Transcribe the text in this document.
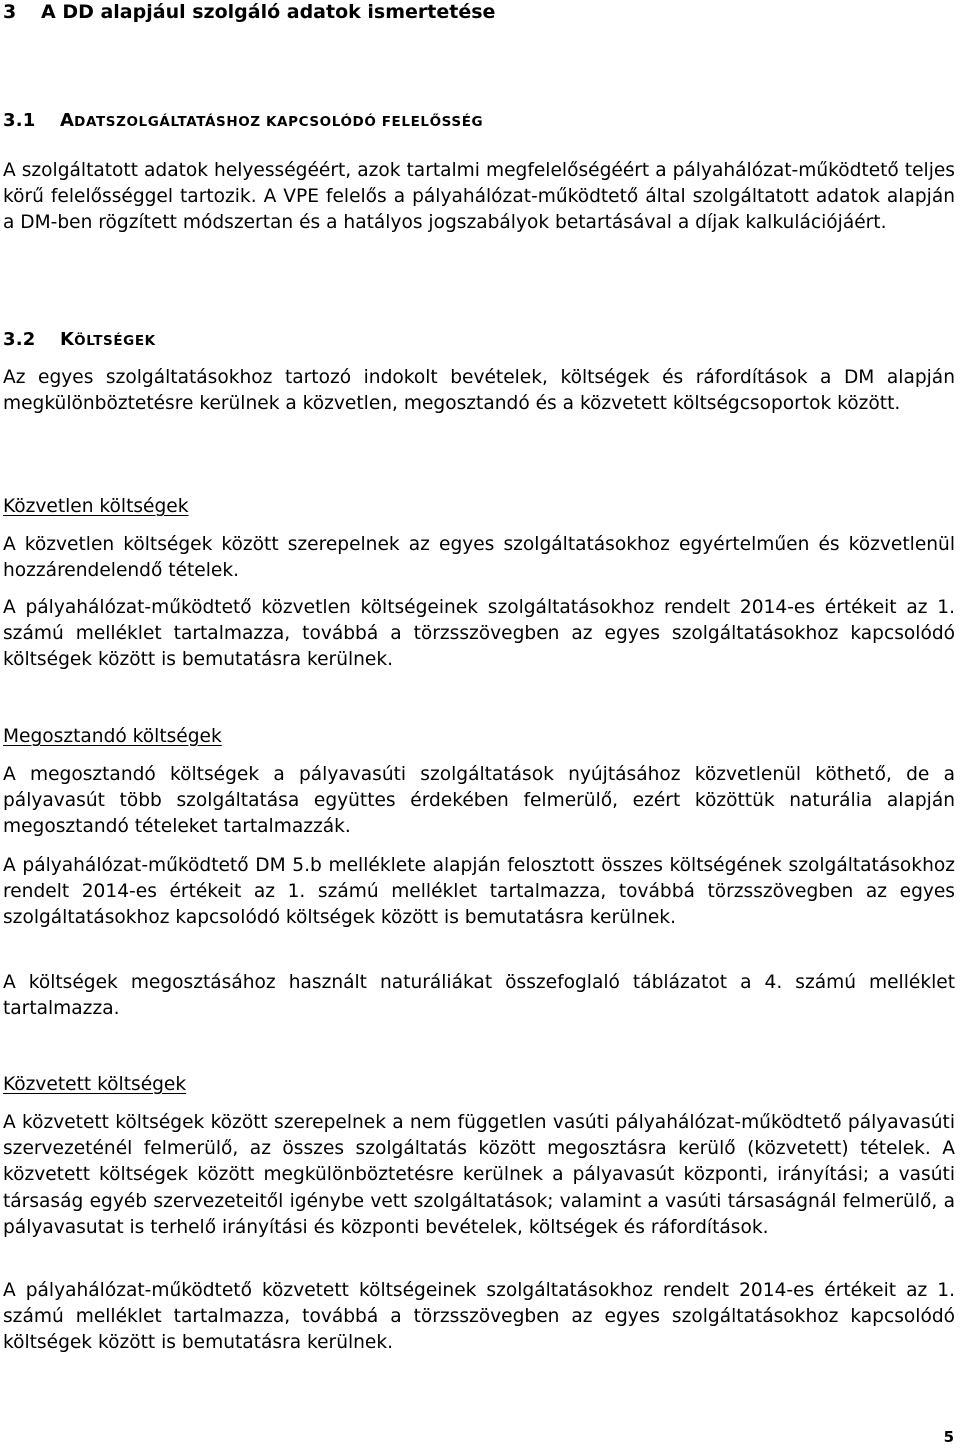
3 A DD alapjául szolgáló adatok ismertetése
3.1 ADATSZOLGÁLTATÁSHOZ KAPCSOLÓDÓ FELELŐSSÉG

A szolgáltatott adatok helyességéért, azok tartalmi megfelelőségéért a pályahálózat-működtető teljes körű felelősséggel tartozik. A VPE felelős a pályahálózat-működtető által szolgáltatott adatok alapján a DM-ben rögzített módszertan és a hatályos jogszabályok betartásával a díjak kalkulációjáért.

3.2 KÖLTSÉGEK

Az egyes szolgáltatásokhoz tartozó indokolt bevételek, költségek és ráfordítások a DM alapján megkülönböztetésre kerülnek a közvetlen, megosztandó és a közvetett költségcsoportok között.

Közvetlen költségek

A közvetlen költségek között szerepelnek az egyes szolgáltatásokhoz egyértelműen és közvetlenül hozzárendelendő tételek.

A pályahálózat-működtető közvetlen költségeinek szolgáltatásokhoz rendelt 2014-es értékeit az 1. számú melléklet tartalmazza, továbbá a törzsszövegben az egyes szolgáltatásokhoz kapcsolódó költségek között is bemutatásra kerülnek.

Megosztandó költségek

A megosztandó költségek a pályavasúti szolgáltatások nyújtásához közvetlenül köthető, de a pályavasút több szolgáltatása együttes érdekében felmerülő, ezért közöttük naturália alapján megosztandó tételeket tartalmazzák.

A pályahálózat-működtető DM 5.b melléklete alapján felosztott összes költségének szolgáltatásokhoz rendelt 2014-es értékeit az 1. számú melléklet tartalmazza, továbbá törzsszövegben az egyes szolgáltatásokhoz kapcsolódó költségek között is bemutatásra kerülnek.

A költségek megosztásához használt naturáliákat összefoglaló táblázatot a 4. számú melléklet tartalmazza.

Közvetett költségek

A közvetett költségek között szerepelnek a nem független vasúti pályahálózat-működtető pályavasúti szervezeténél felmerülő, az összes szolgáltatás között megosztásra kerülő (közvetett) tételek. A közvetett költségek között megkülönböztetésre kerülnek a pályavasút központi, irányítási; a vasúti társaság egyéb szervezeteitől igénybe vett szolgáltatások; valamint a vasúti társaságnál felmerülő, a pályavasutat is terhelő irányítási és központi bevételek, költségek és ráfordítások.

A pályahálózat-működtető közvetett költségeinek szolgáltatásokhoz rendelt 2014-es értékeit az 1. számú melléklet tartalmazza, továbbá a törzsszövegben az egyes szolgáltatásokhoz kapcsolódó költségek között is bemutatásra kerülnek.

5
